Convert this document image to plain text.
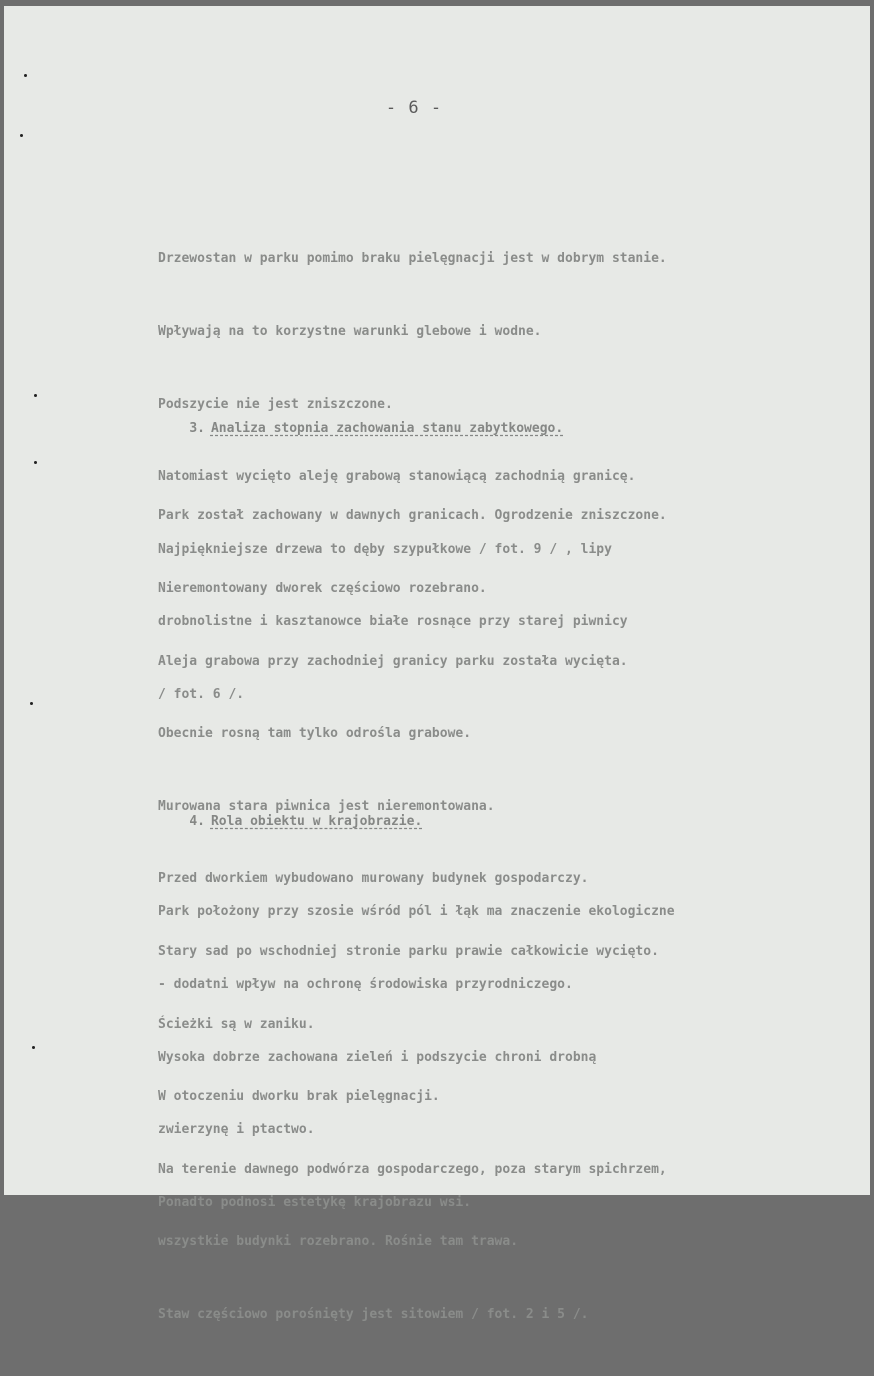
- 6 -

Drzewostan w parku pomimo braku pielęgnacji jest w dobrym stanie.

Wpływają na to korzystne warunki glebowe i wodne.

Podszycie nie jest zniszczone.

Natomiast wycięto aleję grabową stanowiącą zachodnią granicę.

Najpiękniejsze drzewa to dęby szypułkowe / fot. 9 / , lipy

drobnolistne i kasztanowce białe rosnące przy starej piwnicy

/ fot. 6 /.

3. Analiza stopnia zachowania stanu zabytkowego.

Park został zachowany w dawnych granicach. Ogrodzenie zniszczone.

Nieremontowany dworek częściowo rozebrano.

Aleja grabowa przy zachodniej granicy parku została wycięta.

Obecnie rosną tam tylko odrośla grabowe.

Murowana stara piwnica jest nieremontowana.

Przed dworkiem wybudowano murowany budynek gospodarczy.

Stary sad po wschodniej stronie parku prawie całkowicie wycięto.

Ścieżki są w zaniku.

W otoczeniu dworku brak pielęgnacji.

Na terenie dawnego podwórza gospodarczego, poza starym spichrzem,

wszystkie budynki rozebrano. Rośnie tam trawa.

Staw częściowo porośnięty jest sitowiem / fot. 2 i 5 /.

4. Rola obiektu w krajobrazie.

Park położony przy szosie wśród pól i łąk ma znaczenie ekologiczne

- dodatni wpływ na ochronę środowiska przyrodniczego.

Wysoka dobrze zachowana zieleń i podszycie chroni drobną

zwierzynę i ptactwo.

Ponadto podnosi estetykę krajobrazu wsi.
